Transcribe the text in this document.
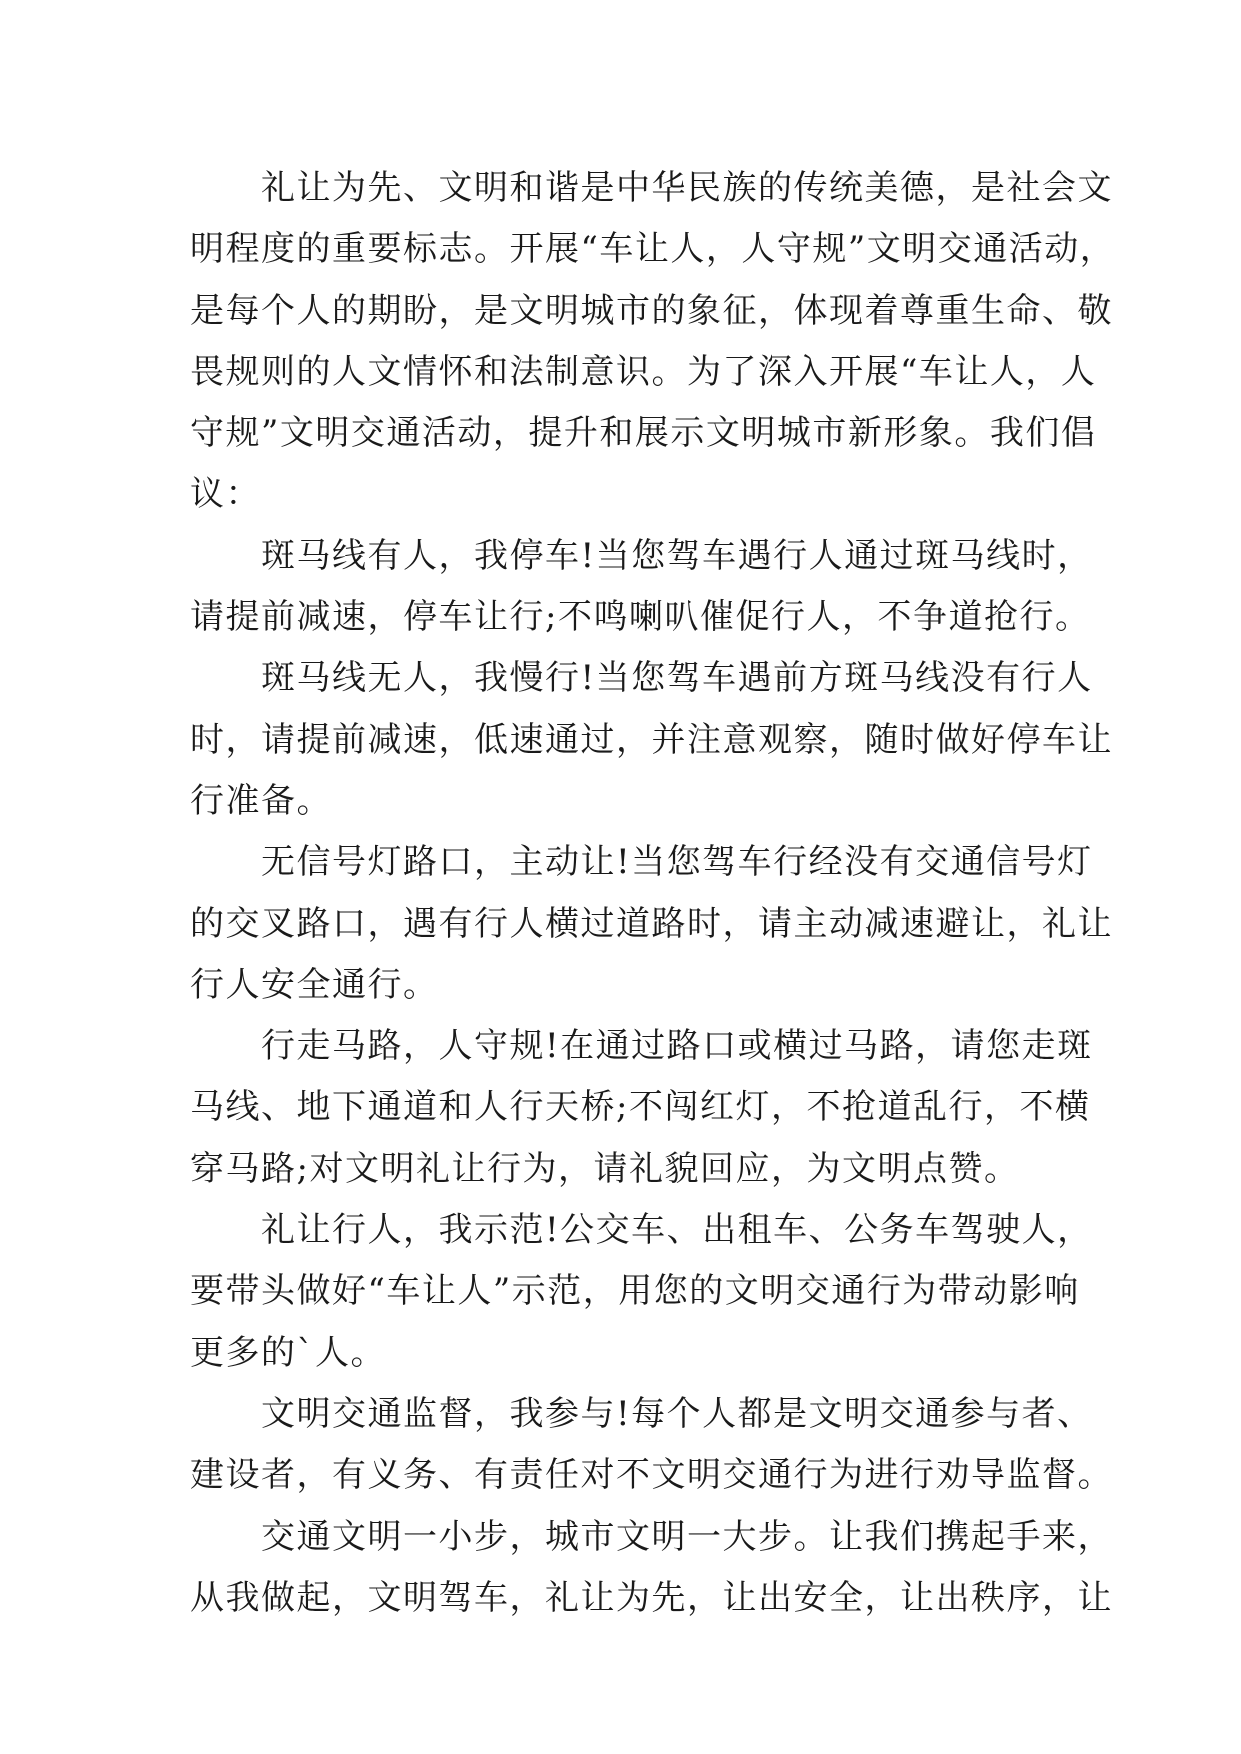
　　礼让为先、文明和谐是中华民族的传统美德，是社会文
明程度的重要标志。开展“车让人，人守规”文明交通活动，
是每个人的期盼，是文明城市的象征，体现着尊重生命、敬
畏规则的人文情怀和法制意识。为了深入开展“车让人，人
守规”文明交通活动，提升和展示文明城市新形象。我们倡
议：
　　斑马线有人，我停车!当您驾车遇行人通过斑马线时，
请提前减速，停车让行;不鸣喇叭催促行人，不争道抢行。
　　斑马线无人，我慢行!当您驾车遇前方斑马线没有行人
时，请提前减速，低速通过，并注意观察，随时做好停车让
行准备。
　　无信号灯路口，主动让!当您驾车行经没有交通信号灯
的交叉路口，遇有行人横过道路时，请主动减速避让，礼让
行人安全通行。
　　行走马路，人守规!在通过路口或横过马路，请您走斑
马线、地下通道和人行天桥;不闯红灯，不抢道乱行，不横
穿马路;对文明礼让行为，请礼貌回应，为文明点赞。
　　礼让行人，我示范!公交车、出租车、公务车驾驶人，
要带头做好“车让人”示范，用您的文明交通行为带动影响
更多的`人。
　　文明交通监督，我参与!每个人都是文明交通参与者、
建设者，有义务、有责任对不文明交通行为进行劝导监督。
　　交通文明一小步，城市文明一大步。让我们携起手来，
从我做起，文明驾车，礼让为先，让出安全，让出秩序，让
